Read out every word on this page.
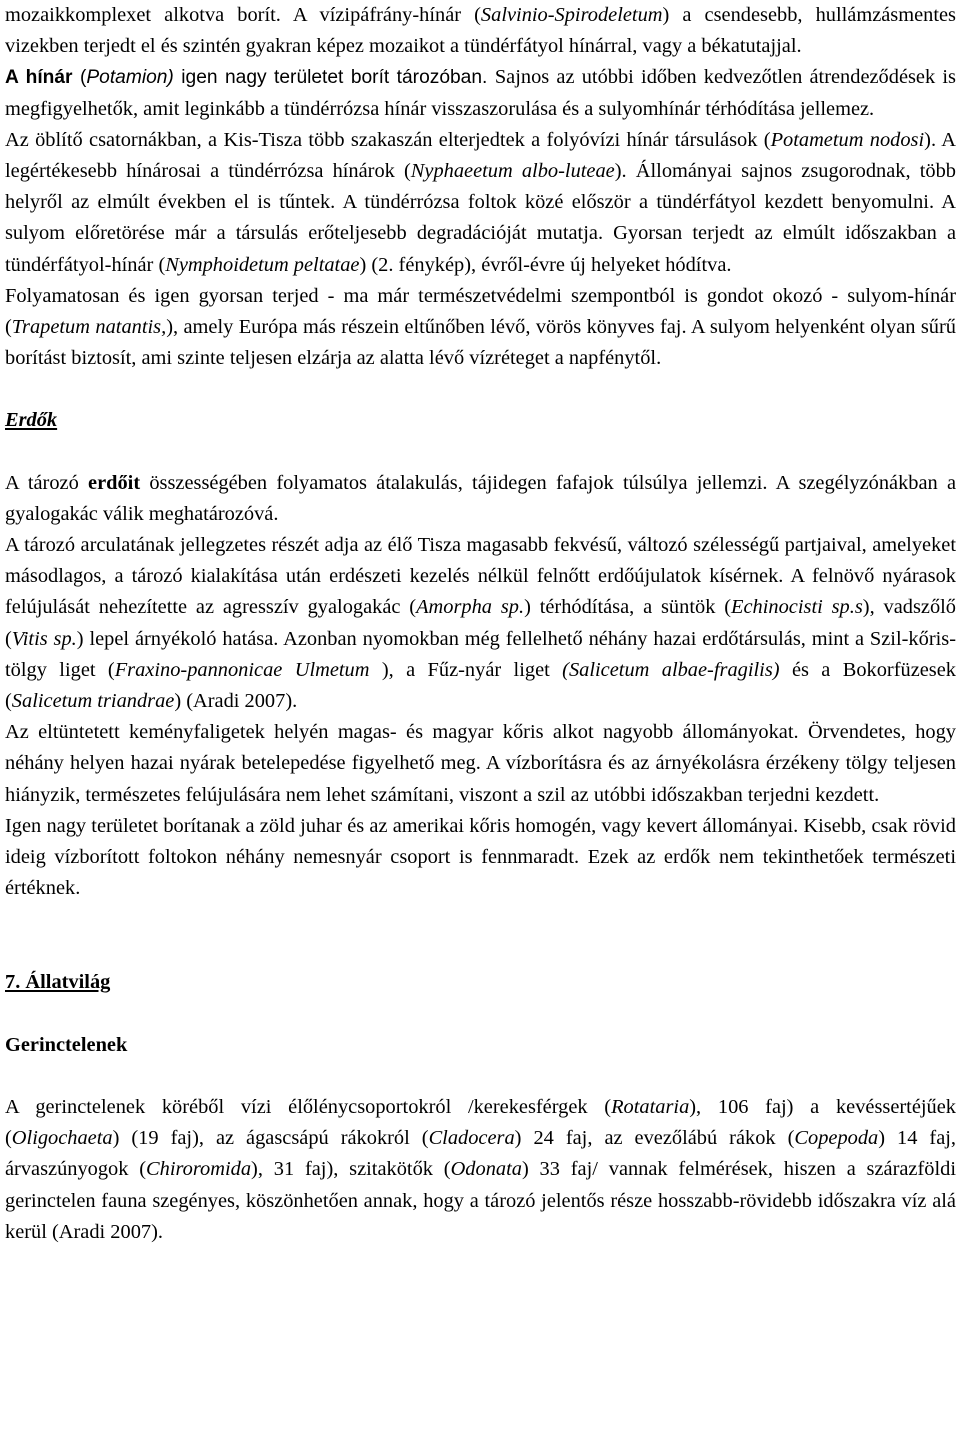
mozaikkomplexet alkotva borít. A vízipáfrány-hínár (Salvinio-Spirodeletum) a csendesebb, hullámzásmentes vizekben terjedt el és szintén gyakran képez mozaikot a tündérfátyol hínárral, vagy a békatutajjal.

A hínár (Potamion) igen nagy területet borít tározóban. Sajnos az utóbbi időben kedvezőtlen átrendeződések is megfigyelhetők, amit leginkább a tündérrózsa hínár visszaszorulása és a sulyomhínár térhódítása jellemez.

Az öblítő csatornákban, a Kis-Tisza több szakaszán elterjedtek a folyóvízi hínár társulások (Potametum nodosi). A legértékesebb hínárosai a tündérrózsa hínárok (Nyphaeetum albo-luteae). Állományai sajnos zsugorodnak, több helyről az elmúlt években el is tűntek. A tündérrózsa foltok közé először a tündérfátyol kezdett benyomulni. A sulyom előretörése már a társulás erőteljesebb degradációját mutatja. Gyorsan terjedt az elmúlt időszakban a tündérfátyol-hínár (Nymphoidetum peltatae) (2. fénykép), évről-évre új helyeket hódítva.

Folyamatosan és igen gyorsan terjed - ma már természetvédelmi szempontból is gondot okozó - sulyom-hínár (Trapetum natantis,), amely Európa más részein eltűnőben lévő, vörös könyves faj. A sulyom helyenként olyan sűrű borítást biztosít, ami szinte teljesen elzárja az alatta lévő vízréteget a napfénytől.

Erdők

A tározó erdőit összességében folyamatos átalakulás, tájidegen fafajok túlsúlya jellemzi. A szegélyzónákban a gyalogakác válik meghatározóvá.

A tározó arculatának jellegzetes részét adja az élő Tisza magasabb fekvésű, változó szélességű partjaival, amelyeket másodlagos, a tározó kialakítása után erdészeti kezelés nélkül felnőtt erdőújulatok kísérnek. A felnövő nyárasok felújulását nehezítette az agresszív gyalogakác (Amorpha sp.) térhódítása, a süntök (Echinocisti sp.s), vadszőlő (Vitis sp.) lepel árnyékoló hatása. Azonban nyomokban még fellelhető néhány hazai erdőtársulás, mint a Szil-kőris-tölgy liget (Fraxino-pannonicae Ulmetum ), a Fűz-nyár liget (Salicetum albae-fragilis) és a Bokorfüzesek (Salicetum triandrae) (Aradi 2007).

Az eltüntetett keményfaligetek helyén magas- és magyar kőris alkot nagyobb állományokat. Örvendetes, hogy néhány helyen hazai nyárak betelepedése figyelhető meg. A vízborításra és az árnyékolásra érzékeny tölgy teljesen hiányzik, természetes felújulására nem lehet számítani, viszont a szil az utóbbi időszakban terjedni kezdett.

Igen nagy területet borítanak a zöld juhar és az amerikai kőris homogén, vagy kevert állományai. Kisebb, csak rövid ideig vízborított foltokon néhány nemesnyár csoport is fennmaradt. Ezek az erdők nem tekinthetőek természeti értéknek.

7. Állatvilág

Gerinctelenek

A gerinctelenek köréből vízi élőlénycsoportokról /kerekesférgek (Rotataria), 106 faj) a kevéssertéjűek (Oligochaeta) (19 faj), az ágascsápú rákokról (Cladocera) 24 faj, az evezőlábú rákok (Copepoda) 14 faj, árvaszúnyogok (Chiroromida), 31 faj), szitakötők (Odonata) 33 faj/ vannak felmérések, hiszen a szárazföldi gerinctelen fauna szegényes, köszönhetően annak, hogy a tározó jelentős része hosszabb-rövidebb időszakra víz alá kerül (Aradi 2007).
